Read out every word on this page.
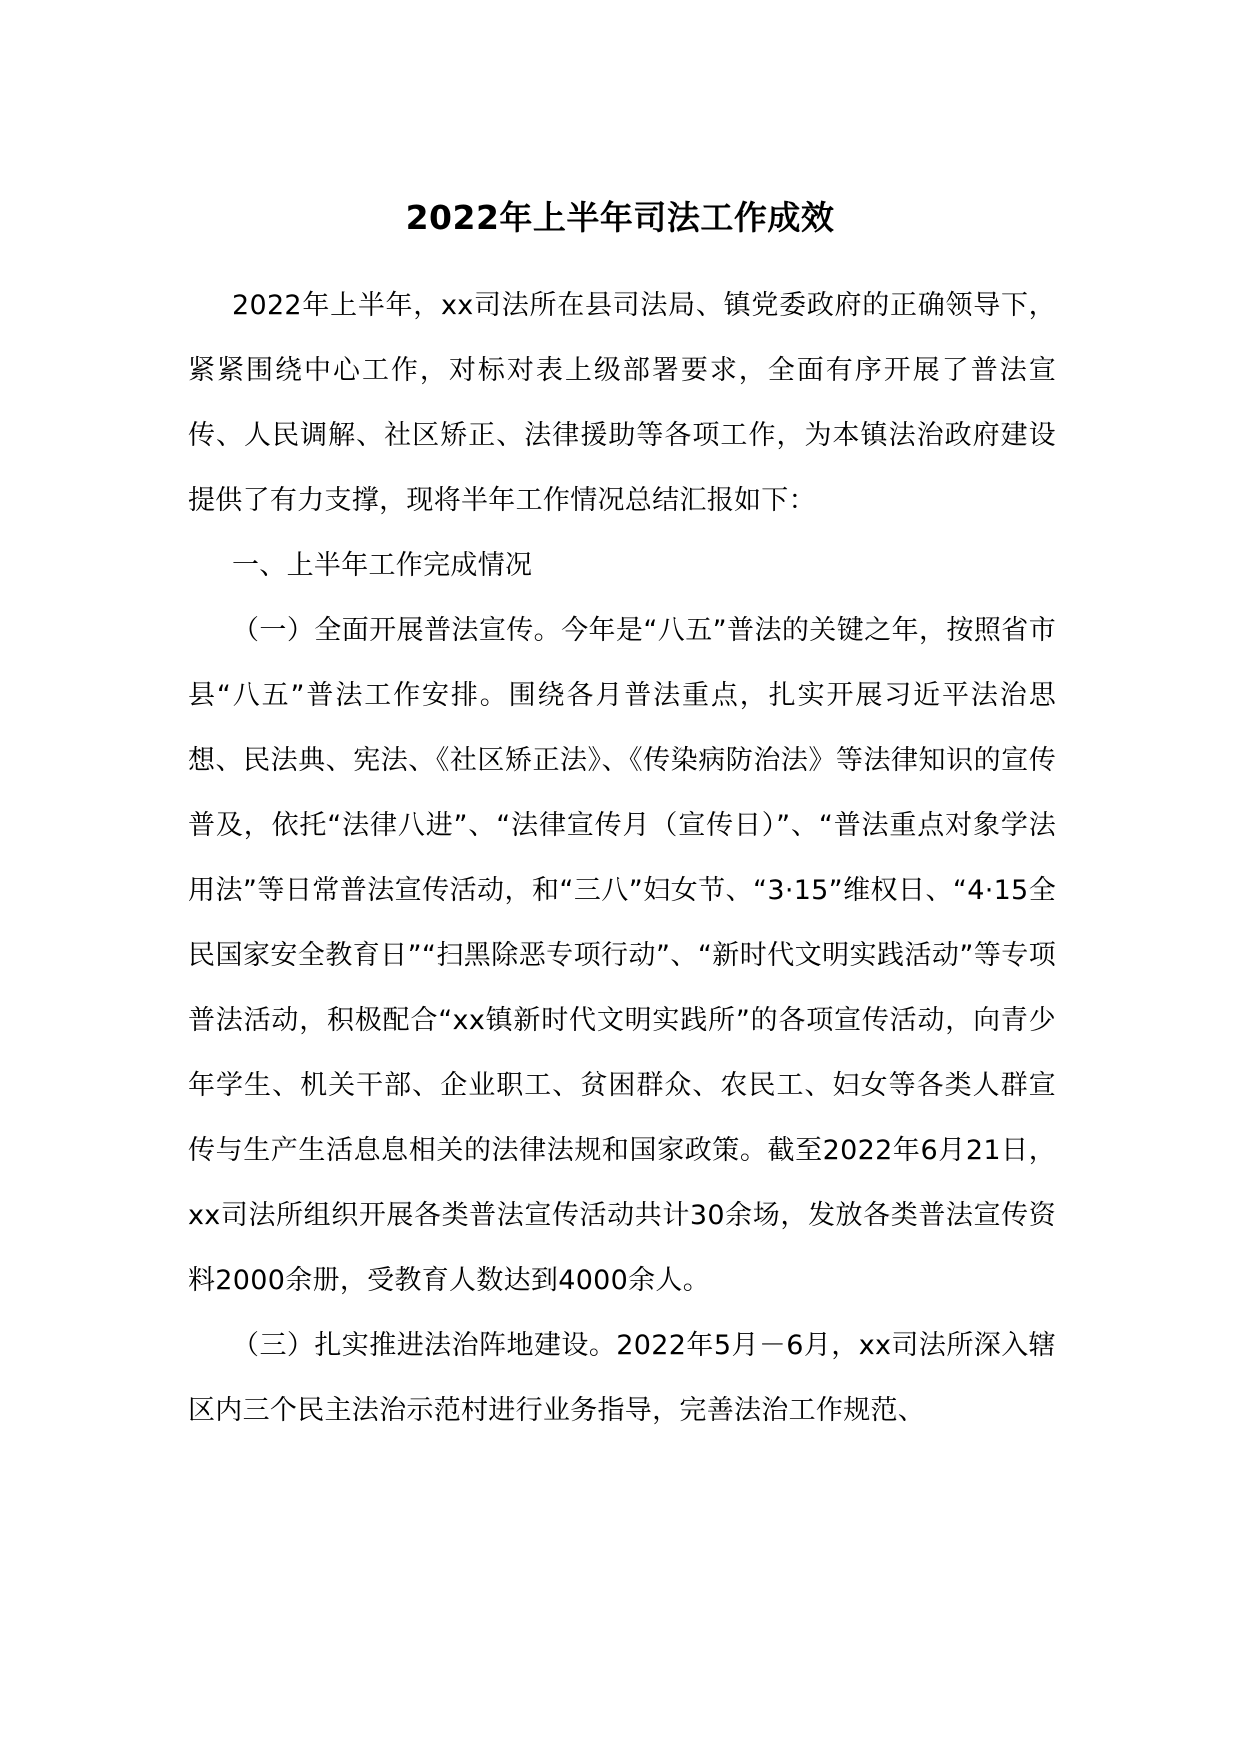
2022年上半年司法工作成效

2022年上半年，xx司法所在县司法局、镇党委政府的正确领导下，紧紧围绕中心工作，对标对表上级部署要求，全面有序开展了普法宣传、人民调解、社区矫正、法律援助等各项工作，为本镇法治政府建设提供了有力支撑，现将半年工作情况总结汇报如下：

一、上半年工作完成情况

（一）全面开展普法宣传。今年是“八五”普法的关键之年，按照省市县“八五”普法工作安排。围绕各月普法重点，扎实开展习近平法治思想、民法典、宪法、《社区矫正法》、《传染病防治法》等法律知识的宣传普及，依托“法律八进”、“法律宣传月（宣传日）”、“普法重点对象学法用法”等日常普法宣传活动，和“三八”妇女节、“3·15”维权日、“4·15全民国家安全教育日”“扫黑除恶专项行动”、“新时代文明实践活动”等专项普法活动，积极配合“xx镇新时代文明实践所”的各项宣传活动，向青少年学生、机关干部、企业职工、贫困群众、农民工、妇女等各类人群宣传与生产生活息息相关的法律法规和国家政策。截至2022年6月21日，xx司法所组织开展各类普法宣传活动共计30余场，发放各类普法宣传资料2000余册，受教育人数达到4000余人。

（三）扎实推进法治阵地建设。2022年5月－6月，xx司法所深入辖区内三个民主法治示范村进行业务指导，完善法治工作规范、
